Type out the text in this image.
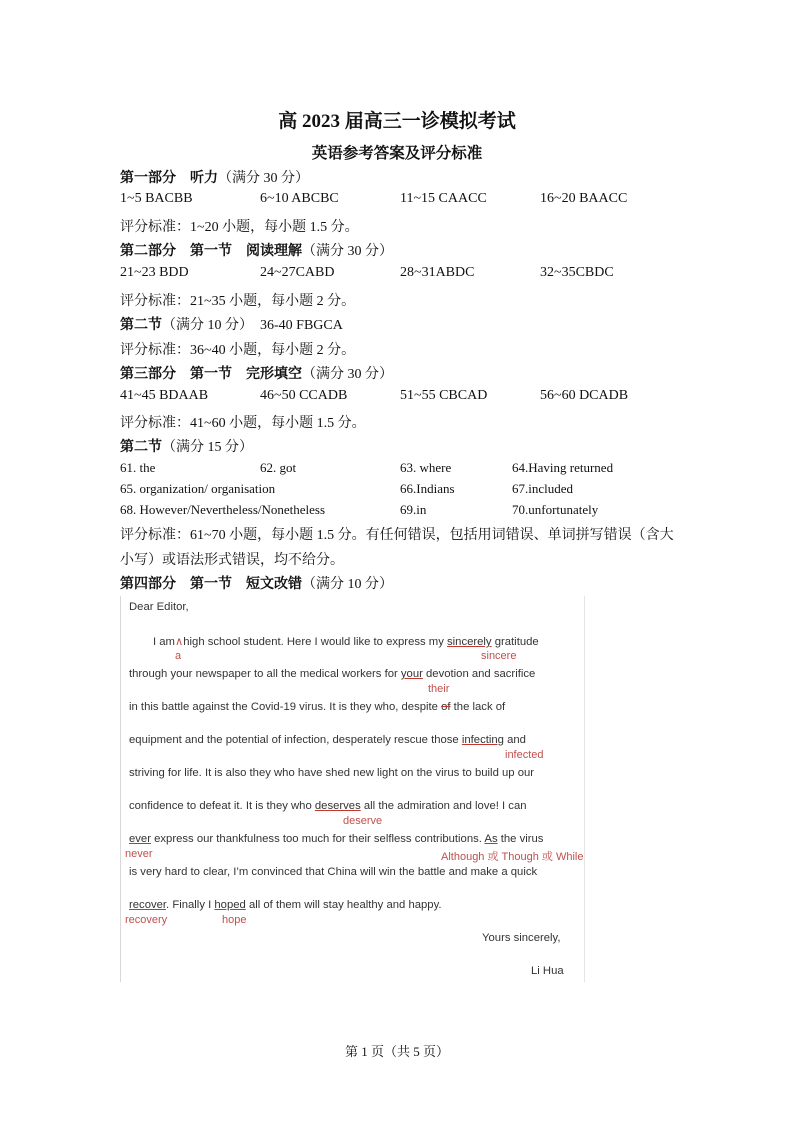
高 2023 届高三一诊模拟考试
英语参考答案及评分标准
第一部分　听力（满分 30 分）
1~5 BACBB	6~10 ABCBC	11~15 CAACC	16~20 BAACC
评分标准：1~20 小题，每小题 1.5 分。
第二部分　第一节　阅读理解（满分 30 分）
21~23 BDD	24~27CABD	28~31ABDC	32~35CBDC
评分标准：21~35 小题，每小题 2 分。
第二节（满分 10 分）　 36-40 FBGCA
评分标准：36~40 小题，每小题 2 分。
第三部分　第一节　完形填空（满分 30 分）
41~45 BDAAB	46~50 CCADB	51~55 CBCAD	56~60 DCADB
评分标准：41~60 小题，每小题 1.5 分。
第二节（满分 15 分）
61. the	62. got	63. where	64.Having returned
65. organization/ organisation	66.Indians	67.included
68. However/Nevertheless/Nonetheless	69.in	70.unfortunately
评分标准：61~70 小题，每小题 1.5 分。有任何错误，包括用词错误、单词拼写错误（含大
小写）或语法形式错误，均不给分。
第四部分　第一节　短文改错（满分 10 分）
Dear Editor,
I am∧high school student. Here I would like to express my sincerely gratitude
a	sincere
through your newspaper to all the medical workers for your devotion and sacrifice
their
in this battle against the Covid-19 virus. It is they who, despite of the lack of
equipment and the potential of infection, desperately rescue those infecting and
infected
striving for life. It is also they who have shed new light on the virus to build up our
confidence to defeat it. It is they who deserves all the admiration and love! I can
deserve
ever express our thankfulness too much for their selfless contributions. As the virus
never	Although 或 Though 或 While
is very hard to clear, I’m convinced that China will win the battle and make a quick
recover. Finally I hoped all of them will stay healthy and happy.
recovery	hope
Yours sincerely,
Li Hua
第 1 页（共 5 页）
